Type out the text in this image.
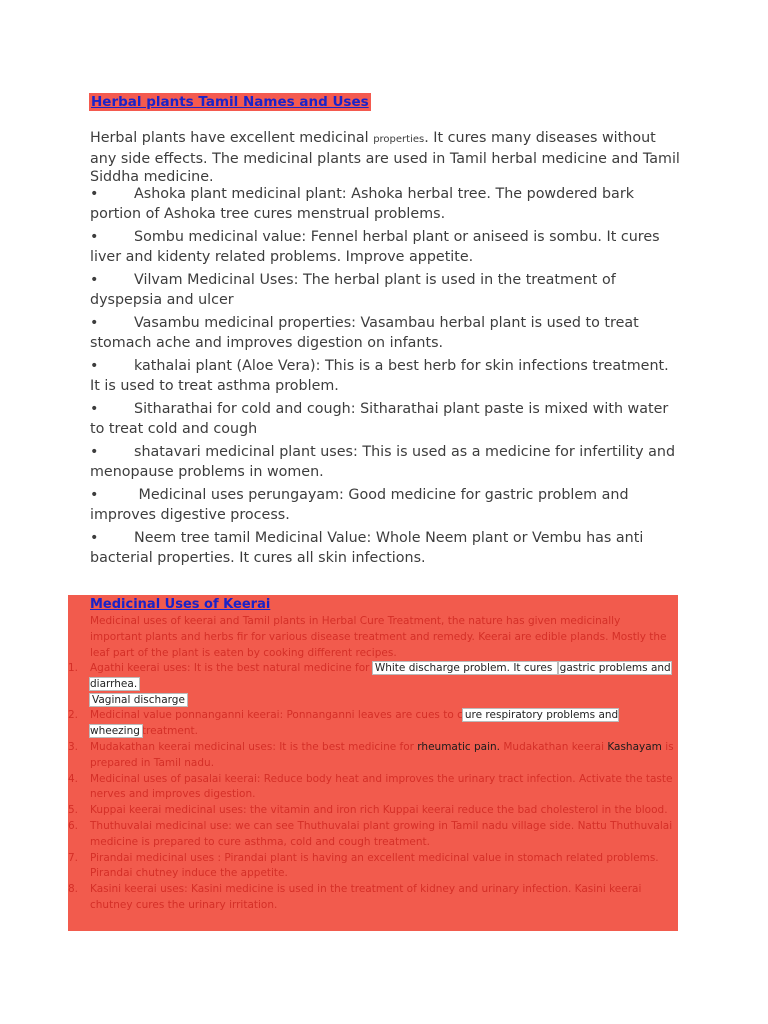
Herbal plants Tamil Names and Uses
Herbal plants have excellent medicinal properties. It cures many diseases without any side effects. The medicinal plants are used in Tamil herbal medicine and Tamil Siddha medicine.
• Ashoka plant medicinal plant: Ashoka herbal tree. The powdered bark portion of Ashoka tree cures menstrual problems.
• Sombu medicinal value: Fennel herbal plant or aniseed is sombu. It cures liver and kidenty related problems. Improve appetite.
• Vilvam Medicinal Uses: The herbal plant is used in the treatment of dyspepsia and ulcer
• Vasambu medicinal properties: Vasambau herbal plant is used to treat stomach ache and improves digestion on infants.
• kathalai plant (Aloe Vera): This is a best herb for skin infections treatment. It is used to treat asthma problem.
• Sitharathai for cold and cough: Sitharathai plant paste is mixed with water to treat cold and cough
• shatavari medicinal plant uses: This is used as a medicine for infertility and menopause problems in women.
• Medicinal uses perungayam: Good medicine for gastric problem and improves digestive process.
• Neem tree tamil Medicinal Value: Whole Neem plant or Vembu has anti bacterial properties. It cures all skin infections.
Medicinal Uses of Keerai
Medicinal uses of keerai and Tamil plants in Herbal Cure Treatment, the nature has given medicinally important plants and herbs fir for various disease treatment and remedy. Keerai are edible plands. Mostly the leaf part of the plant is eaten by cooking different recipes.
1. Agathi keerai uses: It is the best natural medicine for White discharge problem. It cures gastric problems and diarrhea.
Vaginal discharge
2. Medicinal value ponnanganni keerai: Ponnanganni leaves are cues to c ure respiratory problems and wheezing treatment.
3. Mudakathan keerai medicinal uses: It is the best medicine for rheumatic pain. Mudakathan keerai Kashayam is prepared in Tamil nadu.
4. Medicinal uses of pasalai keerai: Reduce body heat and improves the urinary tract infection. Activate the taste nerves and improves digestion.
5. Kuppai keerai medicinal uses: the vitamin and iron rich Kuppai keerai reduce the bad cholesterol in the blood.
6. Thuthuvalai medicinal use: we can see Thuthuvalai plant growing in Tamil nadu village side. Nattu Thuthuvalai medicine is prepared to cure asthma, cold and cough treatment.
7. Pirandai medicinal uses : Pirandai plant is having an excellent medicinal value in stomach related problems. Pirandai chutney induce the appetite.
8. Kasini keerai uses: Kasini medicine is used in the treatment of kidney and urinary infection. Kasini keerai chutney cures the urinary irritation.
